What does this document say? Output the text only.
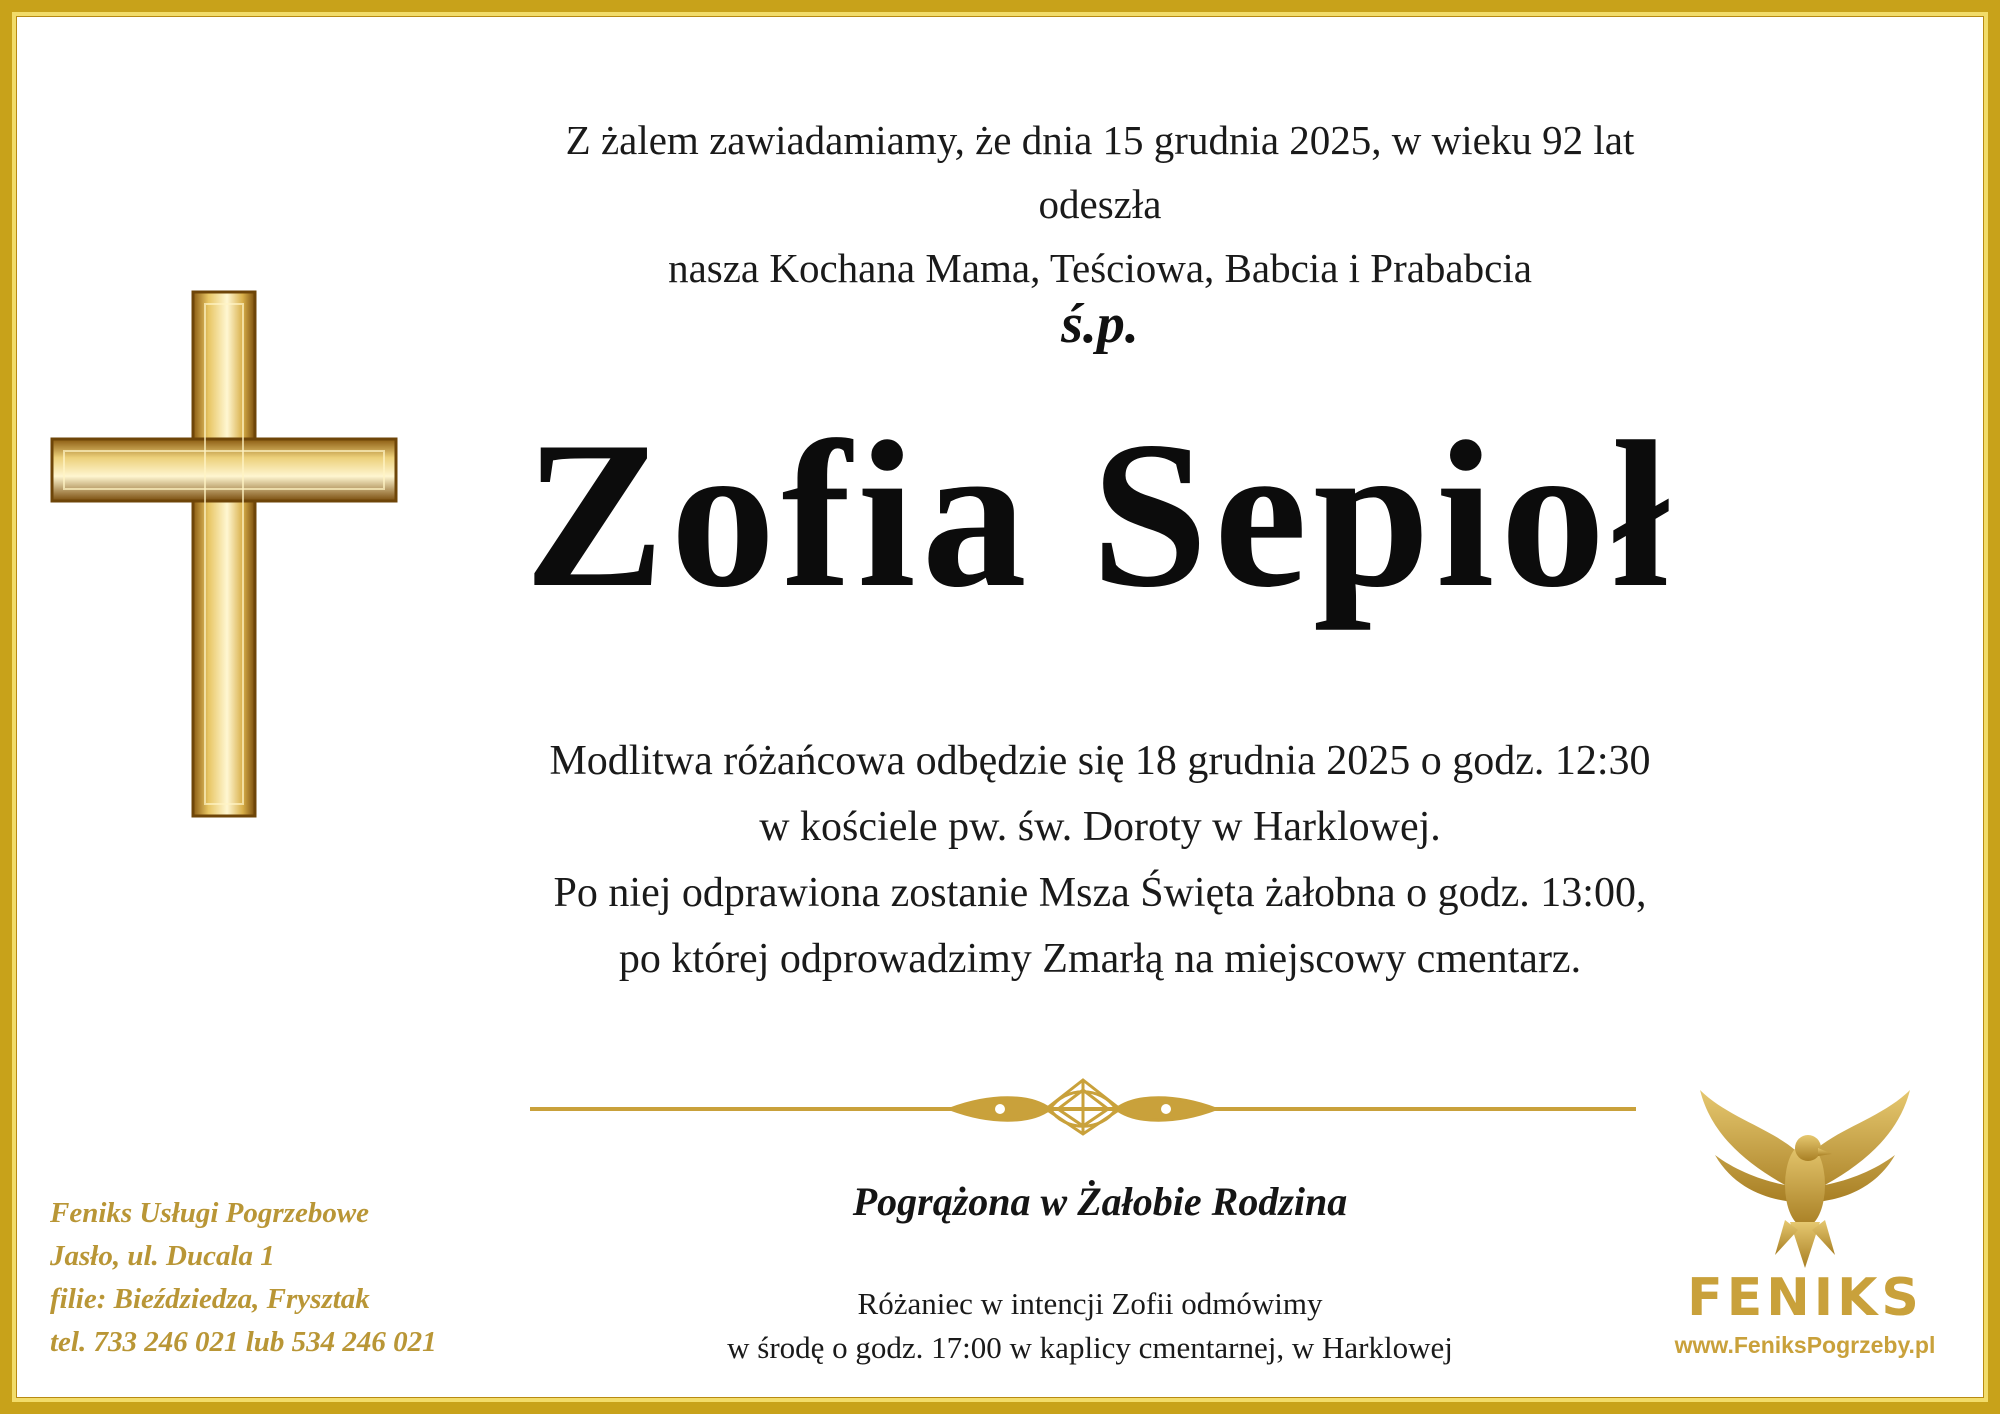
Z żalem zawiadamiamy, że dnia 15 grudnia 2025, w wieku 92 lat odeszła
nasza Kochana Mama, Teściowa, Babcia i Prababcia
ś.p.
Zofia Sepioł
Modlitwa różańcowa odbędzie się 18 grudnia 2025 o godz. 12:30
w kościele pw. św. Doroty w Harklowej.
Po niej odprawiona zostanie Msza Święta żałobna o godz. 13:00,
po której odprowadzimy Zmarłą na miejscowy cmentarz.
Pogrążona w Żałobie Rodzina
Różaniec w intencji Zofii odmówimy
w środę o godz. 17:00 w kaplicy cmentarnej, w Harklowej
Feniks Usługi Pogrzebowe
Jasło, ul. Ducala 1
filie: Bieździedza, Frysztak
tel. 733 246 021 lub 534 246 021
FENIKS
www.FeniksPogrzeby.pl
